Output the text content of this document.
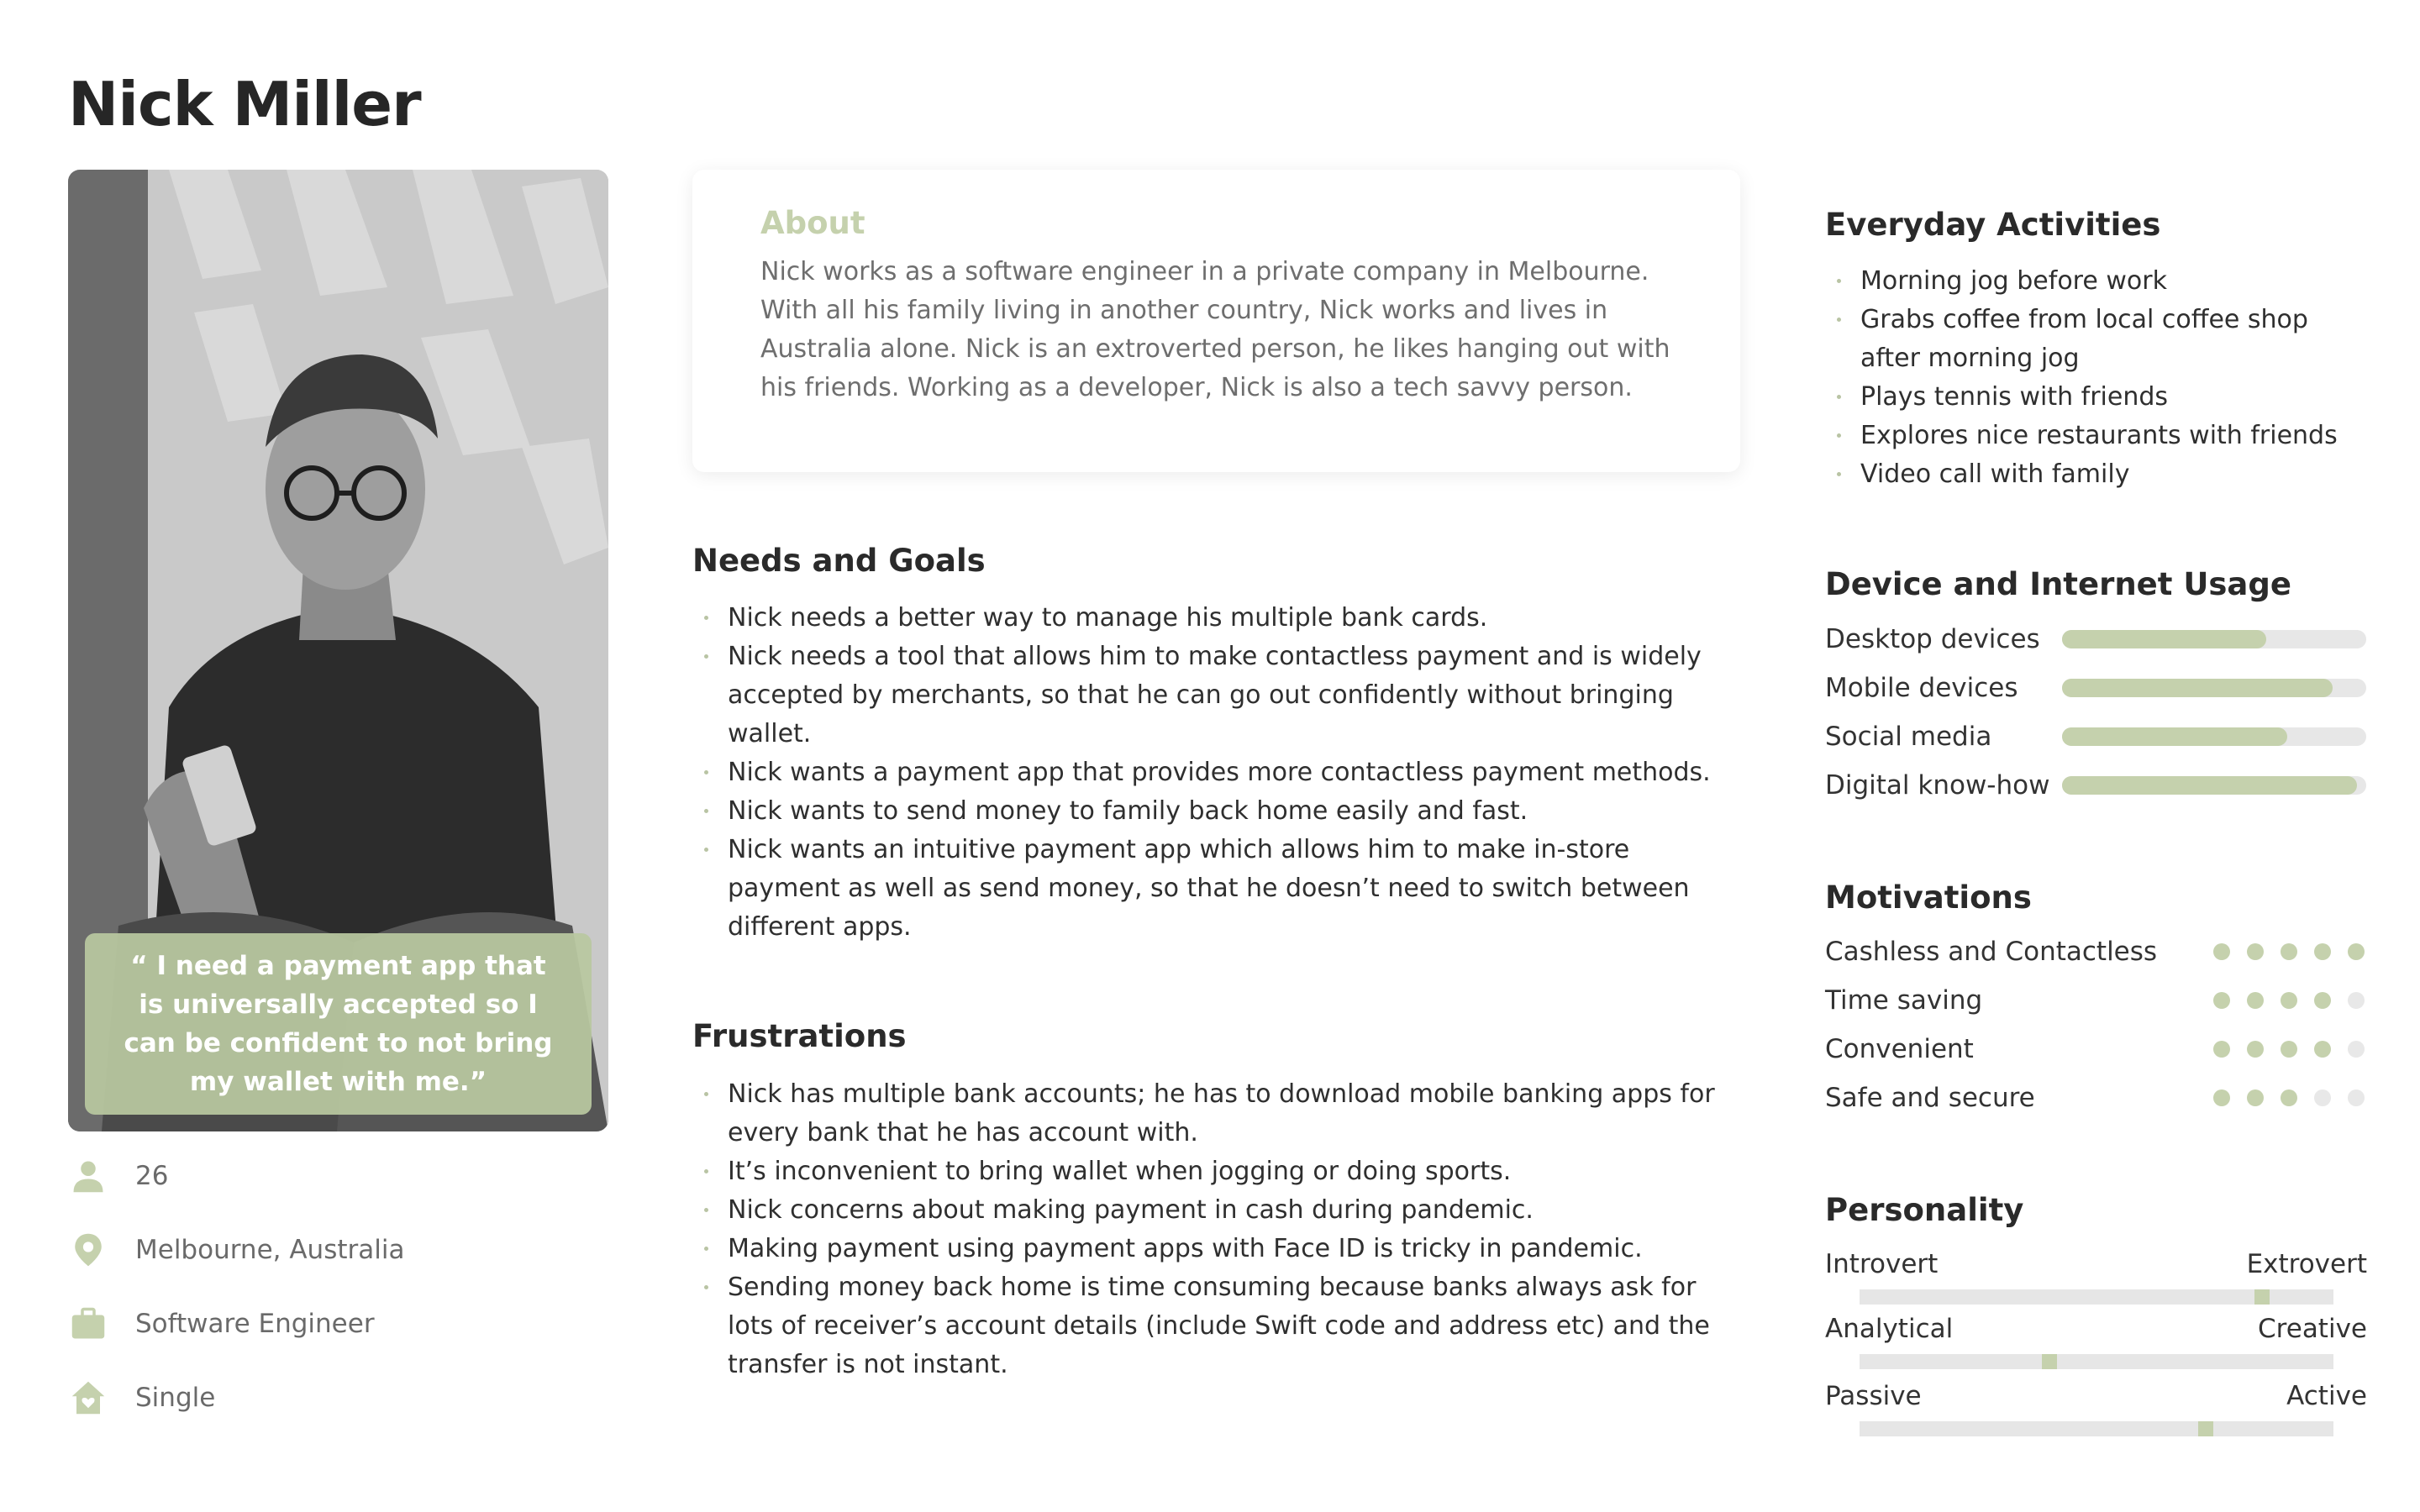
Nick Miller

“ I need a payment app that is universally accepted so I can be confident to not bring my wallet with me.”

26
Melbourne, Australia
Software Engineer
Single
About

Nick works as a software engineer in a private company in Melbourne. With all his family living in another country, Nick works and lives in Australia alone. Nick is an extroverted person, he likes hanging out with his friends. Working as a developer, Nick is also a tech savvy person.

Needs and Goals
Nick needs a better way to manage his multiple bank cards.
Nick needs a tool that allows him to make contactless payment and is widely accepted by merchants, so that he can go out confidently without bringing wallet.
Nick wants a payment app that provides more contactless payment methods.
Nick wants to send money to family back home easily and fast.
Nick wants an intuitive payment app which allows him to make in-store payment as well as send money, so that he doesn’t need to switch between different apps.
Frustrations
Nick has multiple bank accounts; he has to download mobile banking apps for every bank that he has account with.
It’s inconvenient to bring wallet when jogging or doing sports.
Nick concerns about making payment in cash during pandemic.
Making payment using payment apps with Face ID is tricky in pandemic.
Sending money back home is time consuming because banks always ask for lots of receiver’s account details (include Swift code and address etc) and the transfer is not instant.
Everyday Activities
Morning jog before work
Grabs coffee from local coffee shop after morning jog
Plays tennis with friends
Explores nice restaurants with friends
Video call with family
Device and Internet Usage
Desktop devices
Mobile devices
Social media
Digital know-how
Motivations
Cashless and Contactless
Time saving
Convenient
Safe and secure
Personality
Introvert	Extrovert
Analytical	Creative
Passive	Active
